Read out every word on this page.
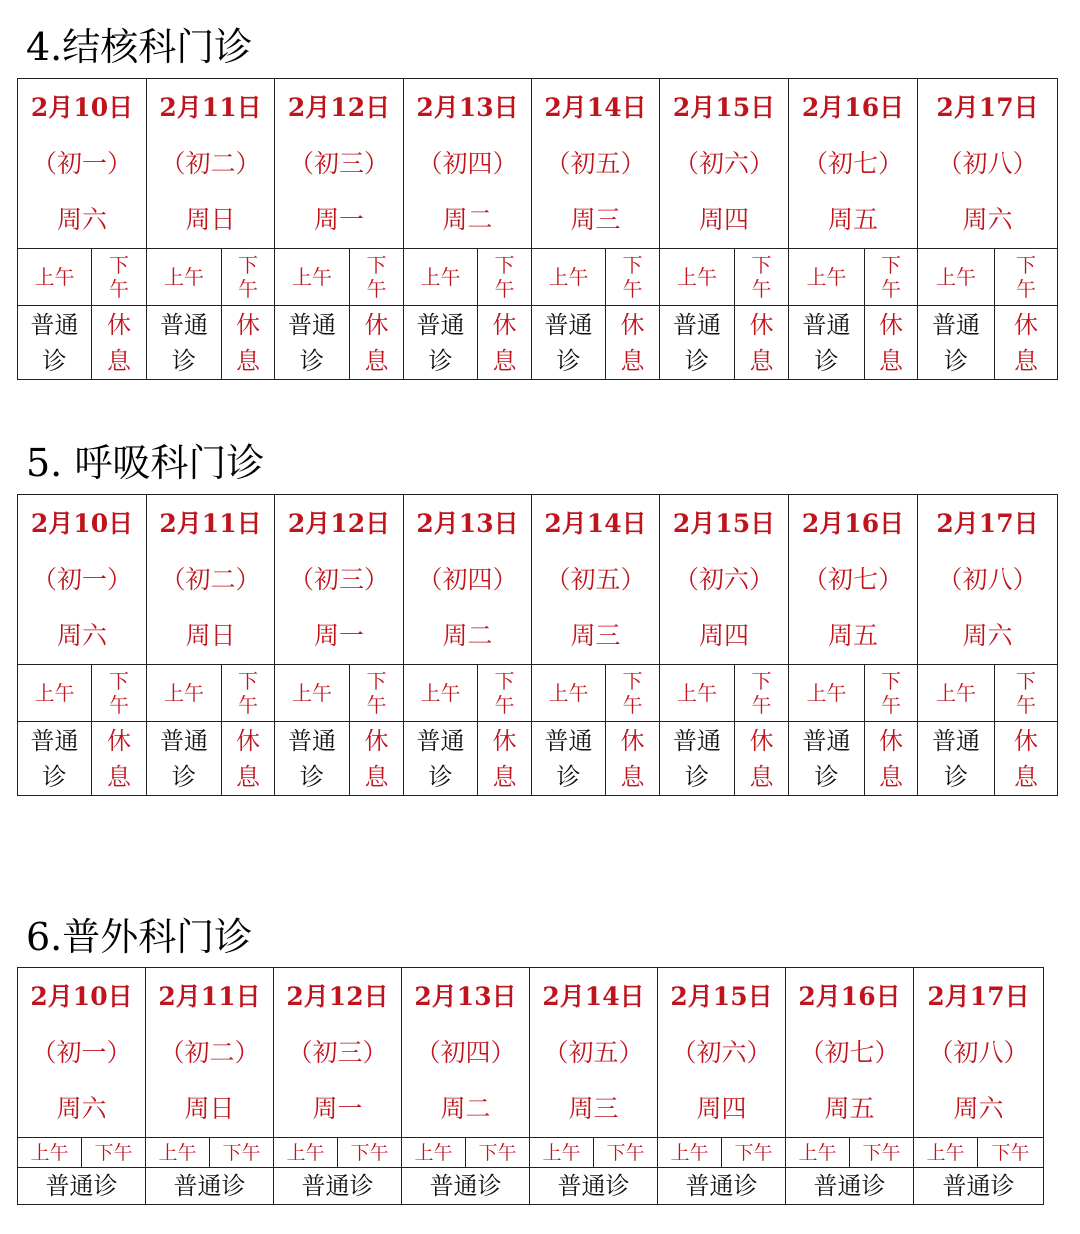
4.结核科门诊
2月10日
（初一）
周六		2月11日
（初二）
周日		2月12日
（初三）
周一		2月13日
（初四）
周二		2月14日
（初五）
周三		2月15日
（初六）
周四		2月16日
（初七）
周五		2月17日
（初八）
周六	

上午	下午	上午	下午	上午	下午	上午	下午	上午	下午	上午	下午	上午	下午	上午	下午
普通诊	休息	普通诊	休息	普通诊	休息	普通诊	休息	普通诊	休息	普通诊	休息	普通诊	休息	普通诊	休息
5. 呼吸科门诊
2月10日
（初一）
周六		2月11日
（初二）
周日		2月12日
（初三）
周一		2月13日
（初四）
周二		2月14日
（初五）
周三		2月15日
（初六）
周四		2月16日
（初七）
周五		2月17日
（初八）
周六	

上午	下午	上午	下午	上午	下午	上午	下午	上午	下午	上午	下午	上午	下午	上午	下午
普通诊	休息	普通诊	休息	普通诊	休息	普通诊	休息	普通诊	休息	普通诊	休息	普通诊	休息	普通诊	休息
6.普外科门诊
2月10日
（初一）
周六		2月11日
（初二）
周日		2月12日
（初三）
周一		2月13日
（初四）
周二		2月14日
（初五）
周三		2月15日
（初六）
周四		2月16日
（初七）
周五		2月17日
（初八）
周六	

上午	下午	上午	下午	上午	下午	上午	下午	上午	下午	上午	下午	上午	下午	上午	下午
普通诊		普通诊		普通诊		普通诊		普通诊		普通诊		普通诊		普通诊	
